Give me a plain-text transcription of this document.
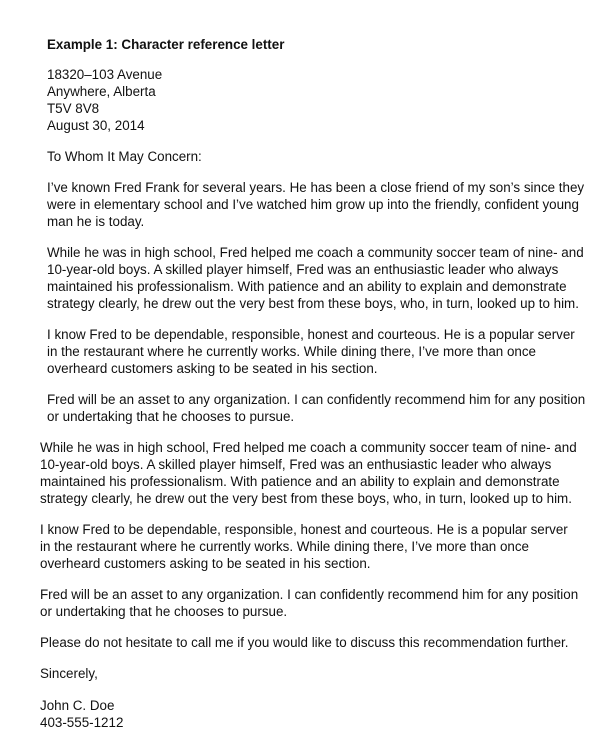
Example 1: Character reference letter

18320–103 Avenue
Anywhere, Alberta
T5V 8V8
August 30, 2014

To Whom It May Concern:

I’ve known Fred Frank for several years. He has been a close friend of my son’s since they were in elementary school and I’ve watched him grow up into the friendly, confident young man he is today.

While he was in high school, Fred helped me coach a community soccer team of nine- and 10-year-old boys. A skilled player himself, Fred was an enthusiastic leader who always maintained his professionalism. With patience and an ability to explain and demonstrate strategy clearly, he drew out the very best from these boys, who, in turn, looked up to him.

I know Fred to be dependable, responsible, honest and courteous. He is a popular server in the restaurant where he currently works. While dining there, I’ve more than once overheard customers asking to be seated in his section.

Fred will be an asset to any organization. I can confidently recommend him for any position or undertaking that he chooses to pursue.

While he was in high school, Fred helped me coach a community soccer team of nine- and 10-year-old boys. A skilled player himself, Fred was an enthusiastic leader who always maintained his professionalism. With patience and an ability to explain and demonstrate strategy clearly, he drew out the very best from these boys, who, in turn, looked up to him.

I know Fred to be dependable, responsible, honest and courteous. He is a popular server in the restaurant where he currently works. While dining there, I’ve more than once overheard customers asking to be seated in his section.

Fred will be an asset to any organization. I can confidently recommend him for any position or undertaking that he chooses to pursue.

Please do not hesitate to call me if you would like to discuss this recommendation further.

Sincerely,

John C. Doe
403-555-1212
